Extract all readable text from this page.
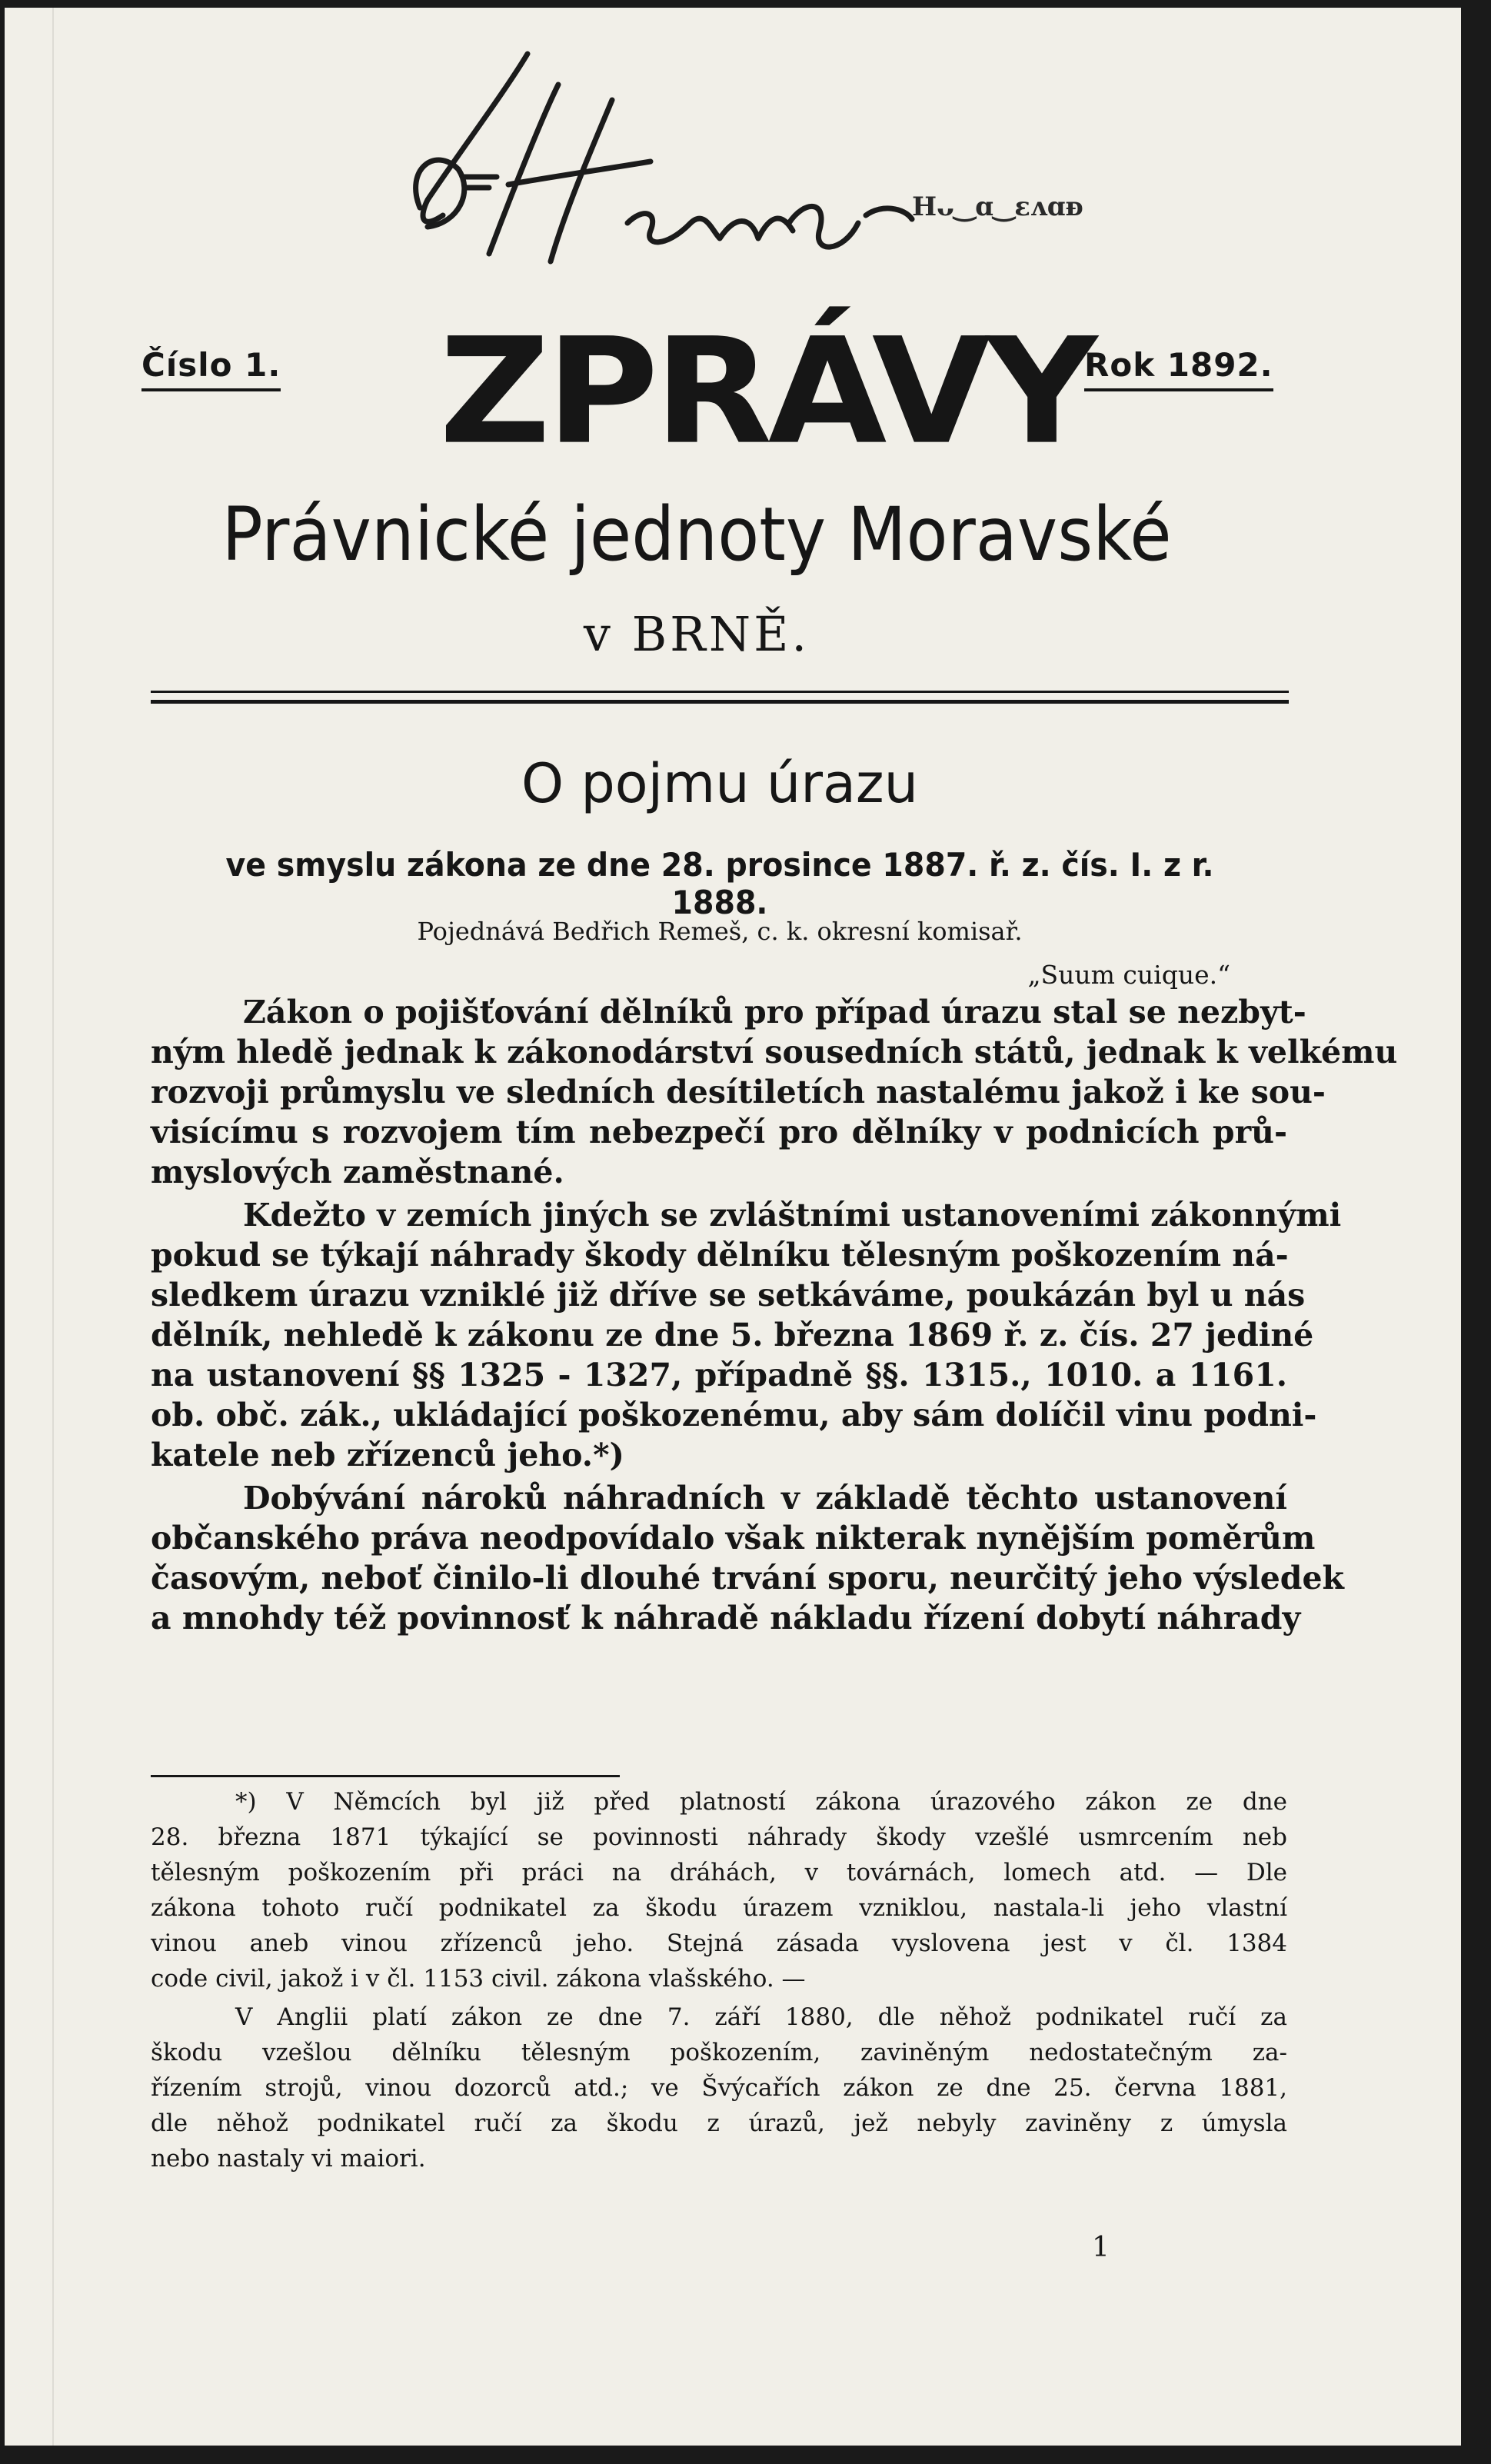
Hᴗ‿ɑ‿ɛᴧɑᴆ
Číslo 1. ZPRÁVY
Rok 1892.
Právnické jednoty Moravské
v BRNĚ.
O pojmu úrazu
ve smyslu zákona ze dne 28. prosince 1887. ř. z. čís. I. z r. 1888.
Pojednává Bedřich Remeš, c. k. okresní komisař.
„Suum cuique.“
Zákon o pojišťování dělníků pro případ úrazu stal se nezbyt-
ným hledě jednak k zákonodárství sousedních států, jednak k velkému
rozvoji průmyslu ve sledních desítiletích nastalému jakož i ke sou-
visícímu s rozvojem tím nebezpečí pro dělníky v podnicích prů-
myslových zaměstnané.
Kdežto v zemích jiných se zvláštními ustanoveními zákonnými
pokud se týkají náhrady škody dělníku tělesným poškozením ná-
sledkem úrazu vzniklé již dříve se setkáváme, poukázán byl u nás
dělník, nehledě k zákonu ze dne 5. března 1869 ř. z. čís. 27 jediné
na ustanovení §§ 1325 - 1327, případně §§. 1315., 1010. a 1161.
ob. obč. zák., ukládající poškozenému, aby sám dolíčil vinu podni-
katele neb zřízenců jeho.*)
Dobývání nároků náhradních v základě těchto ustanovení
občanského práva neodpovídalo však nikterak nynějším poměrům
časovým, neboť činilo-li dlouhé trvání sporu, neurčitý jeho výsledek
a mnohdy též povinnosť k náhradě nákladu řízení dobytí náhrady
*) V Němcích byl již před platností zákona úrazového zákon ze dne
28. března 1871 týkající se povinnosti náhrady škody vzešlé usmrcením neb
tělesným poškozením při práci na dráhách, v továrnách, lomech atd. — Dle
zákona tohoto ručí podnikatel za škodu úrazem vzniklou, nastala-li jeho vlastní
vinou aneb vinou zřízenců jeho. Stejná zásada vyslovena jest v čl. 1384
code civil, jakož i v čl. 1153 civil. zákona vlašského. —
V Anglii platí zákon ze dne 7. září 1880, dle něhož podnikatel ručí za
škodu vzešlou dělníku tělesným poškozením, zaviněným nedostatečným za-
řízením strojů, vinou dozorců atd.; ve Švýcařích zákon ze dne 25. června 1881,
dle něhož podnikatel ručí za škodu z úrazů, jež nebyly zaviněny z úmysla
nebo nastaly vi maiori.
1
